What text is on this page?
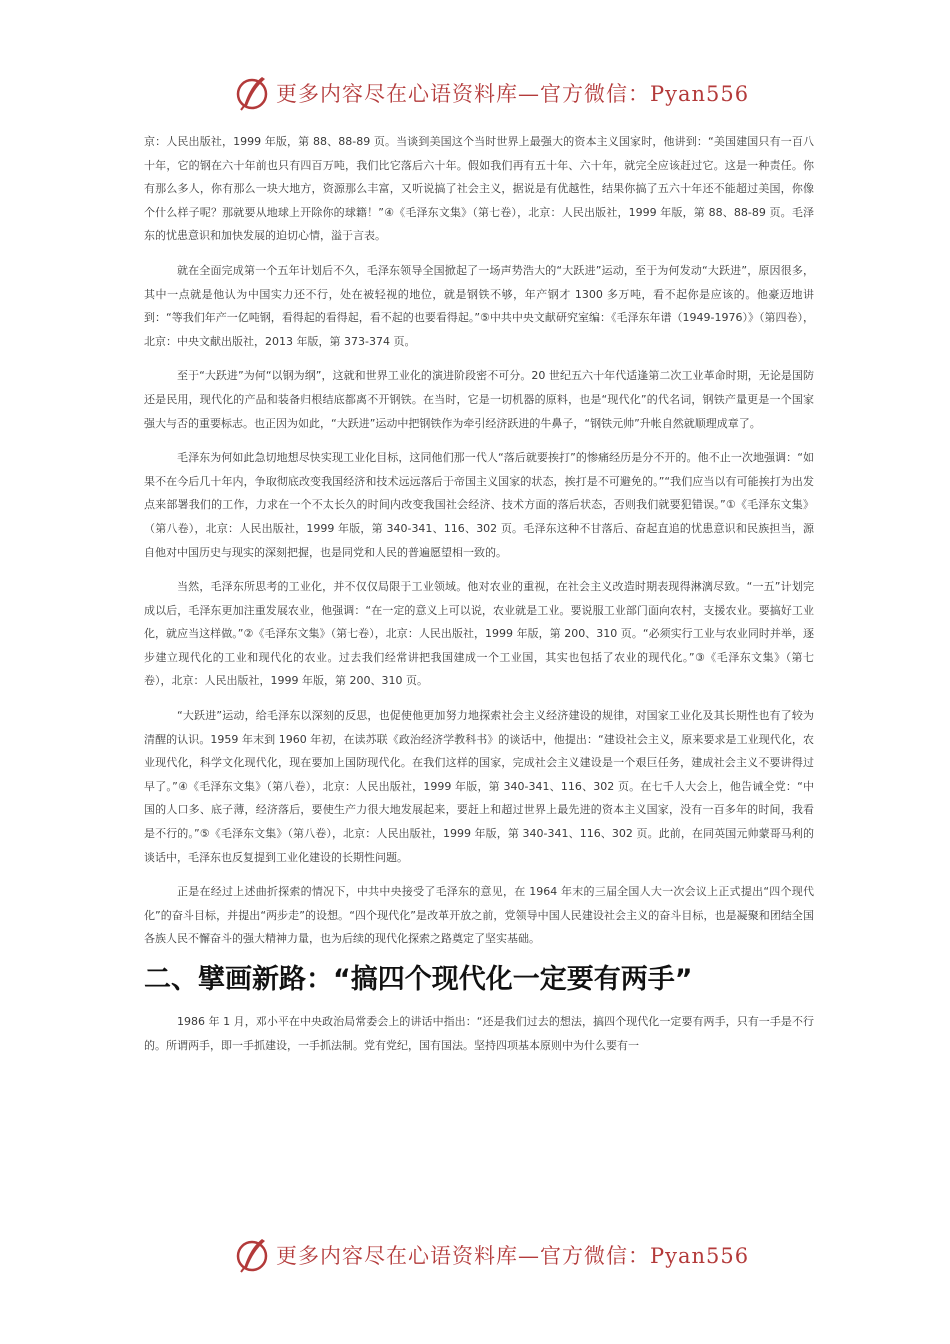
更多内容尽在心语资料库—官方微信：Pyan556

京：人民出版社，1999 年版，第 88、88-89 页。当谈到美国这个当时世界上最强大的资本主义国家时，他讲到：“美国建国只有一百八十年，它的钢在六十年前也只有四百万吨，我们比它落后六十年。假如我们再有五十年、六十年，就完全应该赶过它。这是一种责任。你有那么多人，你有那么一块大地方，资源那么丰富，又听说搞了社会主义，据说是有优越性，结果你搞了五六十年还不能超过美国，你像个什么样子呢？那就要从地球上开除你的球籍！”④《毛泽东文集》（第七卷），北京：人民出版社，1999 年版，第 88、88-89 页。毛泽东的忧患意识和加快发展的迫切心情，溢于言表。

就在全面完成第一个五年计划后不久，毛泽东领导全国掀起了一场声势浩大的“大跃进”运动，至于为何发动“大跃进”，原因很多，其中一点就是他认为中国实力还不行，处在被轻视的地位，就是钢铁不够，年产钢才 1300 多万吨，看不起你是应该的。他豪迈地讲到：“等我们年产一亿吨钢，看得起的看得起，看不起的也要看得起。”⑤中共中央文献研究室编：《毛泽东年谱（1949-1976）》（第四卷），北京：中央文献出版社，2013 年版，第 373-374 页。

至于“大跃进”为何“以钢为纲”，这就和世界工业化的演进阶段密不可分。20 世纪五六十年代适逢第二次工业革命时期，无论是国防还是民用，现代化的产品和装备归根结底都离不开钢铁。在当时，它是一切机器的原料，也是“现代化”的代名词，钢铁产量更是一个国家强大与否的重要标志。也正因为如此，“大跃进”运动中把钢铁作为牵引经济跃进的牛鼻子，“钢铁元帅”升帐自然就顺理成章了。

毛泽东为何如此急切地想尽快实现工业化目标，这同他们那一代人“落后就要挨打”的惨痛经历是分不开的。他不止一次地强调：“如果不在今后几十年内，争取彻底改变我国经济和技术远远落后于帝国主义国家的状态，挨打是不可避免的。”“我们应当以有可能挨打为出发点来部署我们的工作，力求在一个不太长久的时间内改变我国社会经济、技术方面的落后状态，否则我们就要犯错误。”①《毛泽东文集》（第八卷），北京：人民出版社，1999 年版，第 340-341、116、302 页。毛泽东这种不甘落后、奋起直追的忧患意识和民族担当，源自他对中国历史与现实的深刻把握，也是同党和人民的普遍愿望相一致的。

当然，毛泽东所思考的工业化，并不仅仅局限于工业领域。他对农业的重视，在社会主义改造时期表现得淋漓尽致。“一五”计划完成以后，毛泽东更加注重发展农业，他强调：“在一定的意义上可以说，农业就是工业。要说服工业部门面向农村，支援农业。要搞好工业化，就应当这样做。”②《毛泽东文集》（第七卷），北京：人民出版社，1999 年版，第 200、310 页。“必须实行工业与农业同时并举，逐步建立现代化的工业和现代化的农业。过去我们经常讲把我国建成一个工业国，其实也包括了农业的现代化。”③《毛泽东文集》（第七卷），北京：人民出版社，1999 年版，第 200、310 页。

“大跃进”运动，给毛泽东以深刻的反思，也促使他更加努力地探索社会主义经济建设的规律，对国家工业化及其长期性也有了较为清醒的认识。1959 年末到 1960 年初，在读苏联《政治经济学教科书》的谈话中，他提出：“建设社会主义，原来要求是工业现代化，农业现代化，科学文化现代化，现在要加上国防现代化。在我们这样的国家，完成社会主义建设是一个艰巨任务，建成社会主义不要讲得过早了。”④《毛泽东文集》（第八卷），北京：人民出版社，1999 年版，第 340-341、116、302 页。在七千人大会上，他告诫全党：“中国的人口多、底子薄，经济落后，要使生产力很大地发展起来，要赶上和超过世界上最先进的资本主义国家，没有一百多年的时间，我看是不行的。”⑤《毛泽东文集》（第八卷），北京：人民出版社，1999 年版，第 340-341、116、302 页。此前，在同英国元帅蒙哥马利的谈话中，毛泽东也反复提到工业化建设的长期性问题。

正是在经过上述曲折探索的情况下，中共中央接受了毛泽东的意见，在 1964 年末的三届全国人大一次会议上正式提出“四个现代化”的奋斗目标，并提出“两步走”的设想。“四个现代化”是改革开放之前，党领导中国人民建设社会主义的奋斗目标，也是凝聚和团结全国各族人民不懈奋斗的强大精神力量，也为后续的现代化探索之路奠定了坚实基础。

二、擘画新路：“搞四个现代化一定要有两手”

1986 年 1 月，邓小平在中央政治局常委会上的讲话中指出：“还是我们过去的想法，搞四个现代化一定要有两手，只有一手是不行的。所谓两手，即一手抓建设，一手抓法制。党有党纪，国有国法。坚持四项基本原则中为什么要有一

更多内容尽在心语资料库—官方微信：Pyan556
